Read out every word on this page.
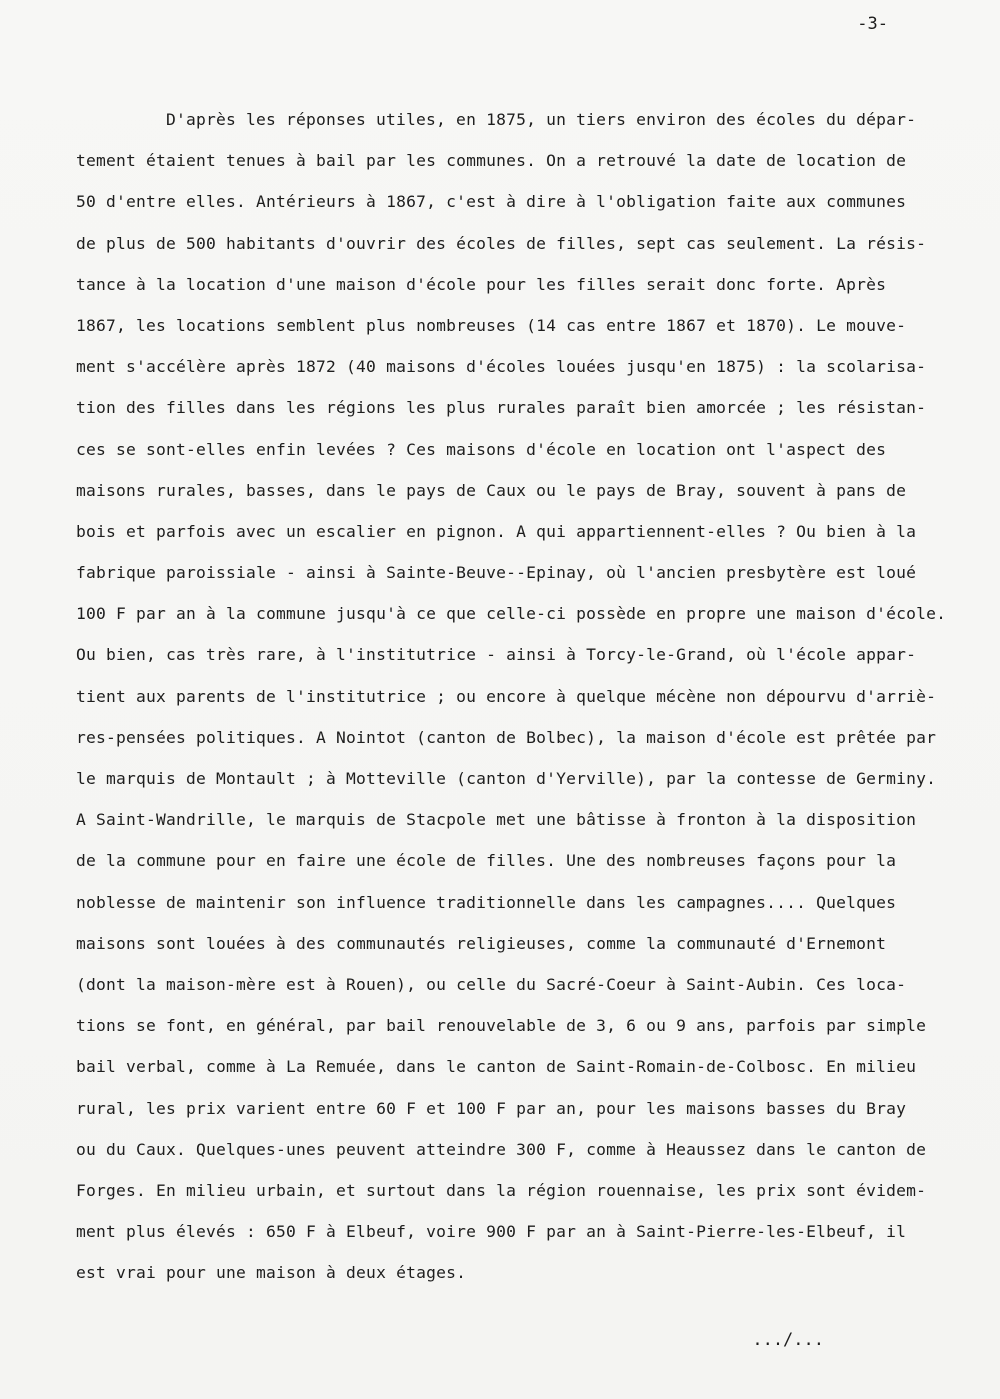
-3-
D'après les réponses utiles, en 1875, un tiers environ des écoles du dépar-
tement étaient tenues à bail par les communes. On a retrouvé la date de location de
50 d'entre elles. Antérieurs à 1867, c'est à dire à l'obligation faite aux communes
de plus de 500 habitants d'ouvrir des écoles de filles, sept cas seulement. La résis-
tance à la location d'une maison d'école pour les filles serait donc forte. Après
1867, les locations semblent plus nombreuses (14 cas entre 1867 et 1870). Le mouve-
ment s'accélère après 1872 (40 maisons d'écoles louées jusqu'en 1875) : la scolarisa-
tion des filles dans les régions les plus rurales paraît bien amorcée ; les résistan-
ces se sont-elles enfin levées ? Ces maisons d'école en location ont l'aspect des
maisons rurales, basses, dans le pays de Caux ou le pays de Bray, souvent à pans de
bois et parfois avec un escalier en pignon. A qui appartiennent-elles ? Ou bien à la
fabrique paroissiale - ainsi à Sainte-Beuve--Epinay, où l'ancien presbytère est loué
100 F par an à la commune jusqu'à ce que celle-ci possède en propre une maison d'école.
Ou bien, cas très rare, à l'institutrice - ainsi à Torcy-le-Grand, où l'école appar-
tient aux parents de l'institutrice ; ou encore à quelque mécène non dépourvu d'arriè-
res-pensées politiques. A Nointot (canton de Bolbec), la maison d'école est prêtée par
le marquis de Montault ; à Motteville (canton d'Yerville), par la contesse de Germiny.
A Saint-Wandrille, le marquis de Stacpole met une bâtisse à fronton à la disposition
de la commune pour en faire une école de filles. Une des nombreuses façons pour la
noblesse de maintenir son influence traditionnelle dans les campagnes.... Quelques
maisons sont louées à des communautés religieuses, comme la communauté d'Ernemont
(dont la maison-mère est à Rouen), ou celle du Sacré-Coeur à Saint-Aubin. Ces loca-
tions se font, en général, par bail renouvelable de 3, 6 ou 9 ans, parfois par simple
bail verbal, comme à La Remuée, dans le canton de Saint-Romain-de-Colbosc. En milieu
rural, les prix varient entre 60 F et 100 F par an, pour les maisons basses du Bray
ou du Caux. Quelques-unes peuvent atteindre 300 F, comme à Heaussez dans le canton de
Forges. En milieu urbain, et surtout dans la région rouennaise, les prix sont évidem-
ment plus élevés : 650 F à Elbeuf, voire 900 F par an à Saint-Pierre-les-Elbeuf, il
est vrai pour une maison à deux étages.
.../...
